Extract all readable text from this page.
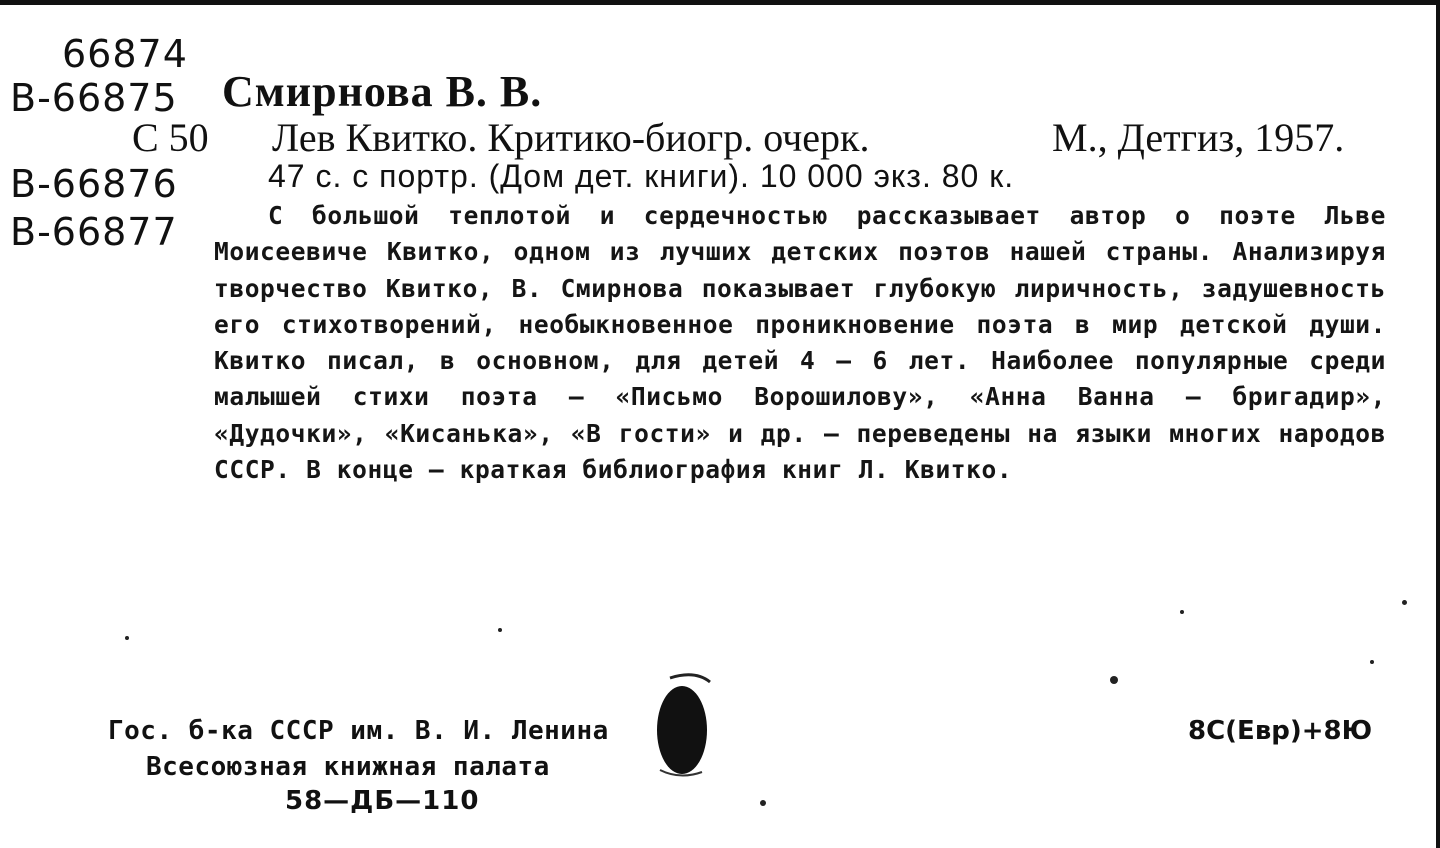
66874
В-66875
В-66876
В-66877
Смирнова В. В.
С 50 Лев Квитко. Критико-биогр. очерк.	М., Детгиз, 1957.
47 с. с портр. (Дом дет. книги). 10 000 экз. 80 к.
С большой теплотой и сердечностью рассказывает автор о поэте Льве Моисеевиче Квитко, одном из лучших детских поэтов нашей страны. Анализируя творчество Квитко, В. Смирнова показывает глубокую лиричность, задушевность его стихотворений, необыкновенное проникновение поэта в мир детской души. Квитко писал, в основном, для детей 4 — 6 лет. Наиболее популярные среди малышей стихи поэта — «Письмо Ворошилову», «Анна Ванна — бригадир», «Дудочки», «Кисанька», «В гости» и др. — переведены на языки многих народов СССР. В конце — краткая библиография книг Л. Квитко.
Гос. б-ка СССР им. В. И. Ленина
Всесоюзная книжная палата
58—ДБ—110
8С(Евр)+8Ю
